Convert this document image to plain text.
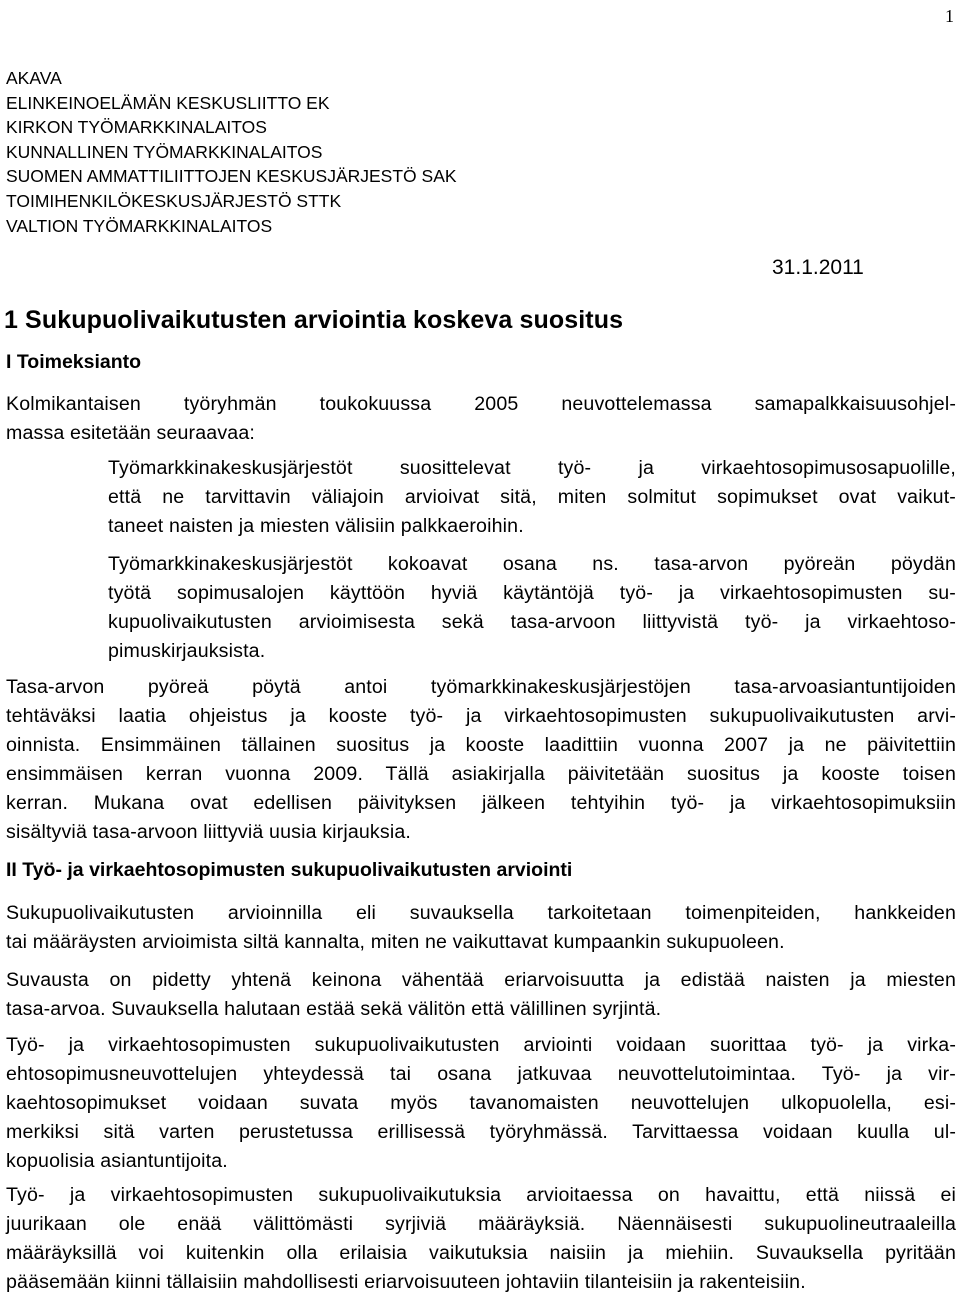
1
AKAVA
ELINKEINOELÄMÄN KESKUSLIITTO EK
KIRKON TYÖMARKKINALAITOS
KUNNALLINEN TYÖMARKKINALAITOS
SUOMEN AMMATTILIITTOJEN KESKUSJÄRJESTÖ SAK
TOIMIHENKILÖKESKUSJÄRJESTÖ STTK
VALTION TYÖMARKKINALAITOS
31.1.2011
1 Sukupuolivaikutusten arviointia koskeva suositus
I Toimeksianto
Kolmikantaisen työryhmän toukokuussa 2005 neuvottelemassa samapalkkaisuusohjel-
massa esitetään seuraavaa:
Työmarkkinakeskusjärjestöt suosittelevat työ- ja virkaehtosopimusosapuolille,
että ne tarvittavin väliajoin arvioivat sitä, miten solmitut sopimukset ovat vaikut-
taneet naisten ja miesten välisiin palkkaeroihin.
Työmarkkinakeskusjärjestöt kokoavat osana ns. tasa-arvon pyöreän pöydän
työtä sopimusalojen käyttöön hyviä käytäntöjä työ- ja virkaehtosopimusten su-
kupuolivaikutusten arvioimisesta sekä tasa-arvoon liittyvistä työ- ja virkaehtoso-
pimuskirjauksista.
Tasa-arvon pyöreä pöytä antoi työmarkkinakeskusjärjestöjen tasa-arvoasiantuntijoiden
tehtäväksi laatia ohjeistus ja kooste työ- ja virkaehtosopimusten sukupuolivaikutusten arvi-
oinnista. Ensimmäinen tällainen suositus ja kooste laadittiin vuonna 2007 ja ne päivitettiin
ensimmäisen kerran vuonna 2009. Tällä asiakirjalla päivitetään suositus ja kooste toisen
kerran. Mukana ovat edellisen päivityksen jälkeen tehtyihin työ- ja virkaehtosopimuksiin
sisältyviä tasa-arvoon liittyviä uusia kirjauksia.
II Työ- ja virkaehtosopimusten sukupuolivaikutusten arviointi
Sukupuolivaikutusten arvioinnilla eli suvauksella tarkoitetaan toimenpiteiden, hankkeiden
tai määräysten arvioimista siltä kannalta, miten ne vaikuttavat kumpaankin sukupuoleen.
Suvausta on pidetty yhtenä keinona vähentää eriarvoisuutta ja edistää naisten ja miesten
tasa-arvoa. Suvauksella halutaan estää sekä välitön että välillinen syrjintä.
Työ- ja virkaehtosopimusten sukupuolivaikutusten arviointi voidaan suorittaa työ- ja virka-
ehtosopimusneuvottelujen yhteydessä tai osana jatkuvaa neuvottelutoimintaa. Työ- ja vir-
kaehtosopimukset voidaan suvata myös tavanomaisten neuvottelujen ulkopuolella, esi-
merkiksi sitä varten perustetussa erillisessä työryhmässä. Tarvittaessa voidaan kuulla ul-
kopuolisia asiantuntijoita.
Työ- ja virkaehtosopimusten sukupuolivaikutuksia arvioitaessa on havaittu, että niissä ei
juurikaan ole enää välittömästi syrjiviä määräyksiä. Näennäisesti sukupuolineutraaleilla
määräyksillä voi kuitenkin olla erilaisia vaikutuksia naisiin ja miehiin. Suvauksella pyritään
pääsemään kiinni tällaisiin mahdollisesti eriarvoisuuteen johtaviin tilanteisiin ja rakenteisiin.
